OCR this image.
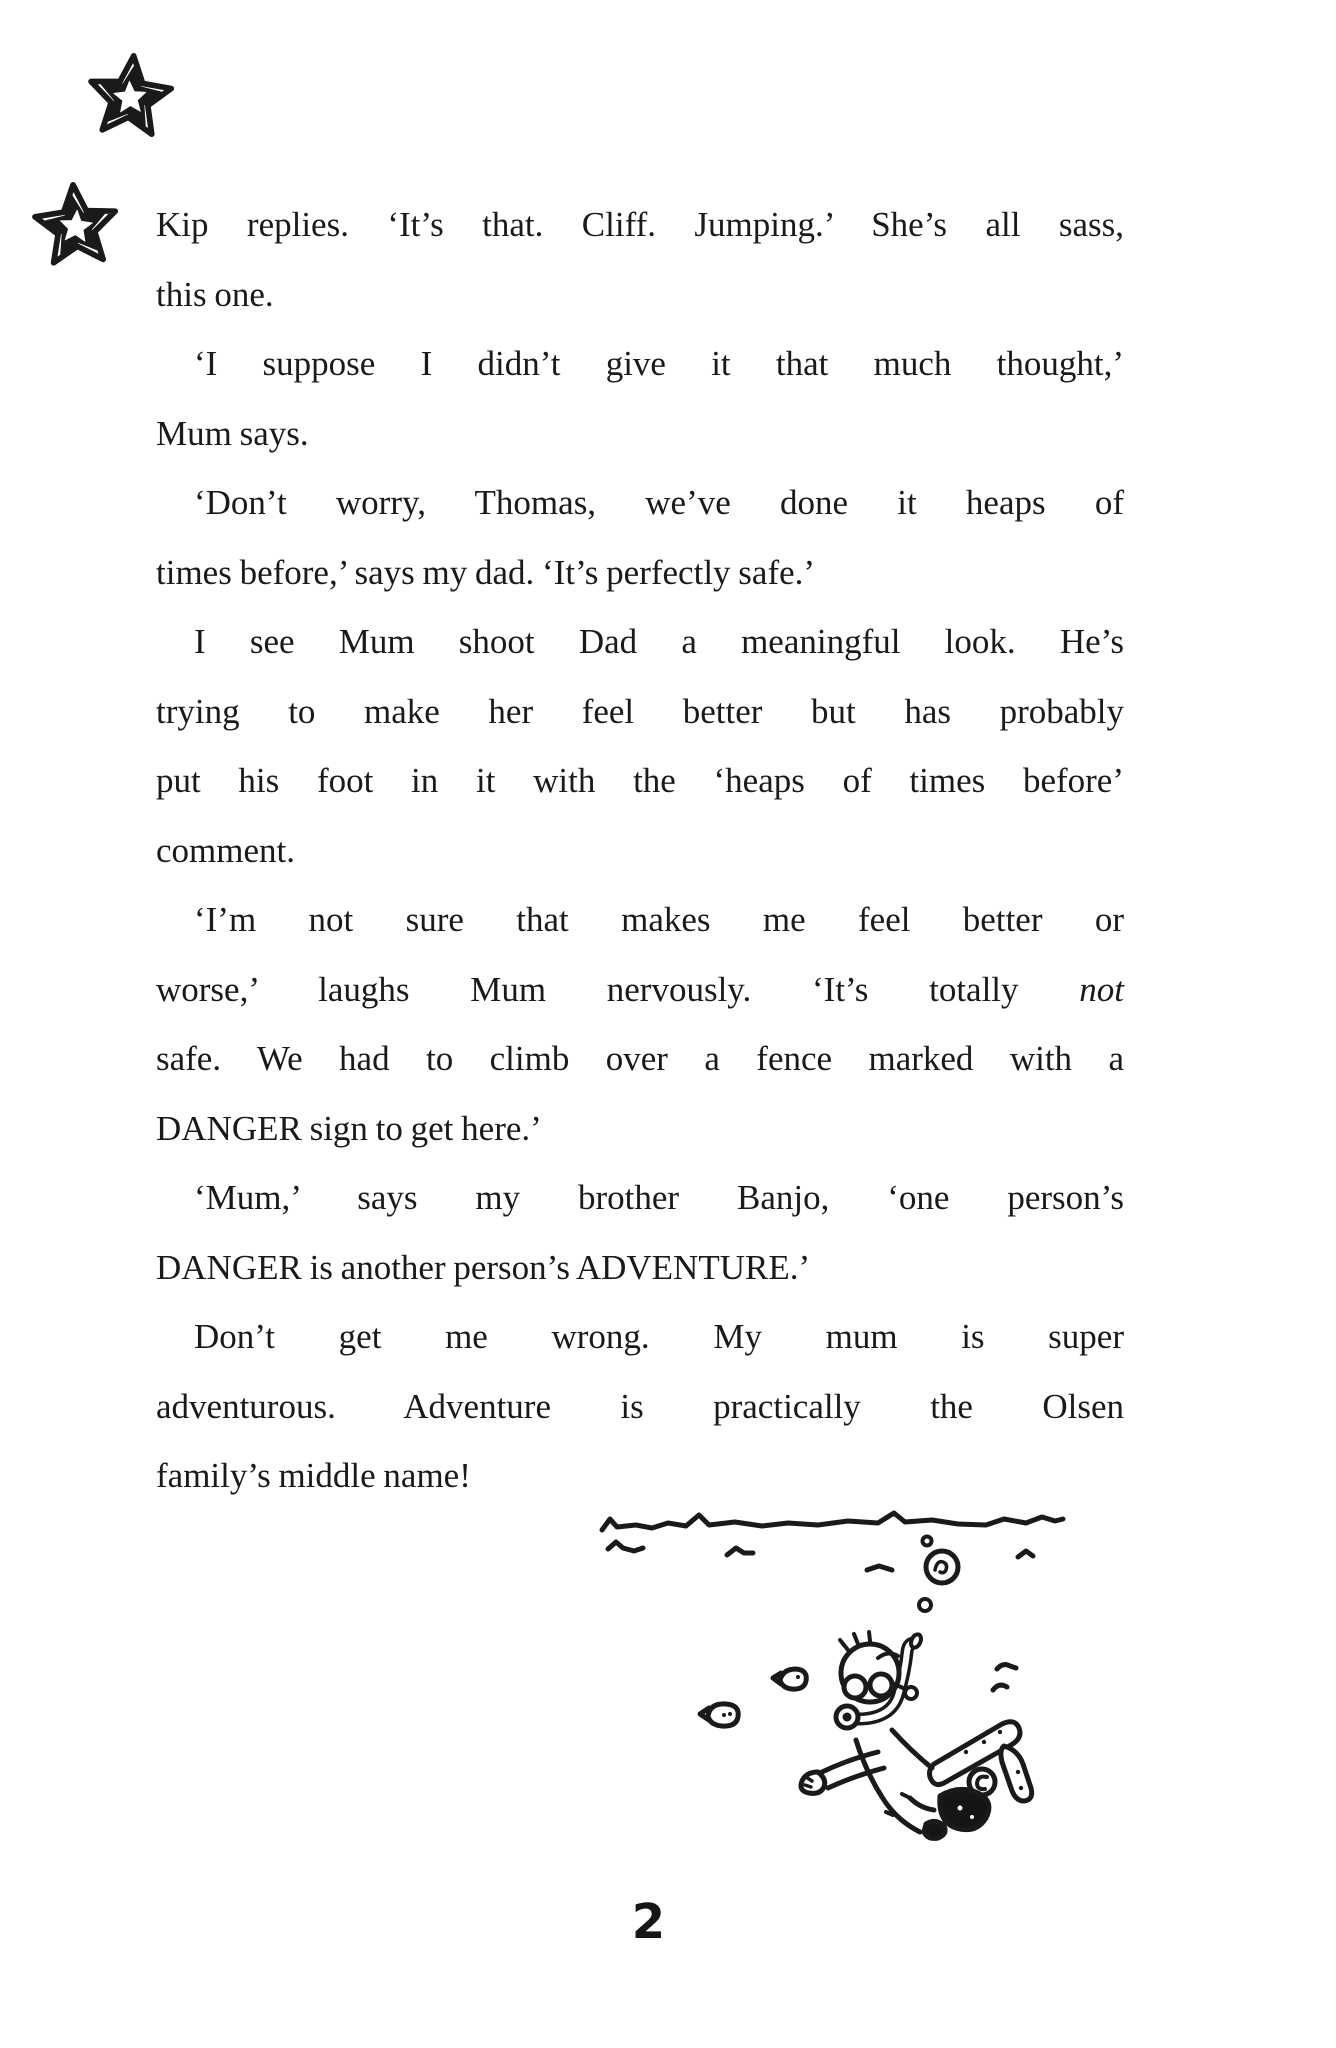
Kip replies. ‘It’s that. Cliff. Jumping.’ She’s all sass,
this one.
‘I suppose I didn’t give it that much thought,’
Mum says.
‘Don’t worry, Thomas, we’ve done it heaps of
times before,’ says my dad. ‘It’s perfectly safe.’
I see Mum shoot Dad a meaningful look. He’s
trying to make her feel better but has probably
put his foot in it with the ‘heaps of times before’
comment.
‘I’m not sure that makes me feel better or
worse,’ laughs Mum nervously. ‘It’s totally not
safe. We had to climb over a fence marked with a
DANGER sign to get here.’
‘Mum,’ says my brother Banjo, ‘one person’s
DANGER is another person’s ADVENTURE.’
Don’t get me wrong. My mum is super
adventurous. Adventure is practically the Olsen
family’s middle name!
2
